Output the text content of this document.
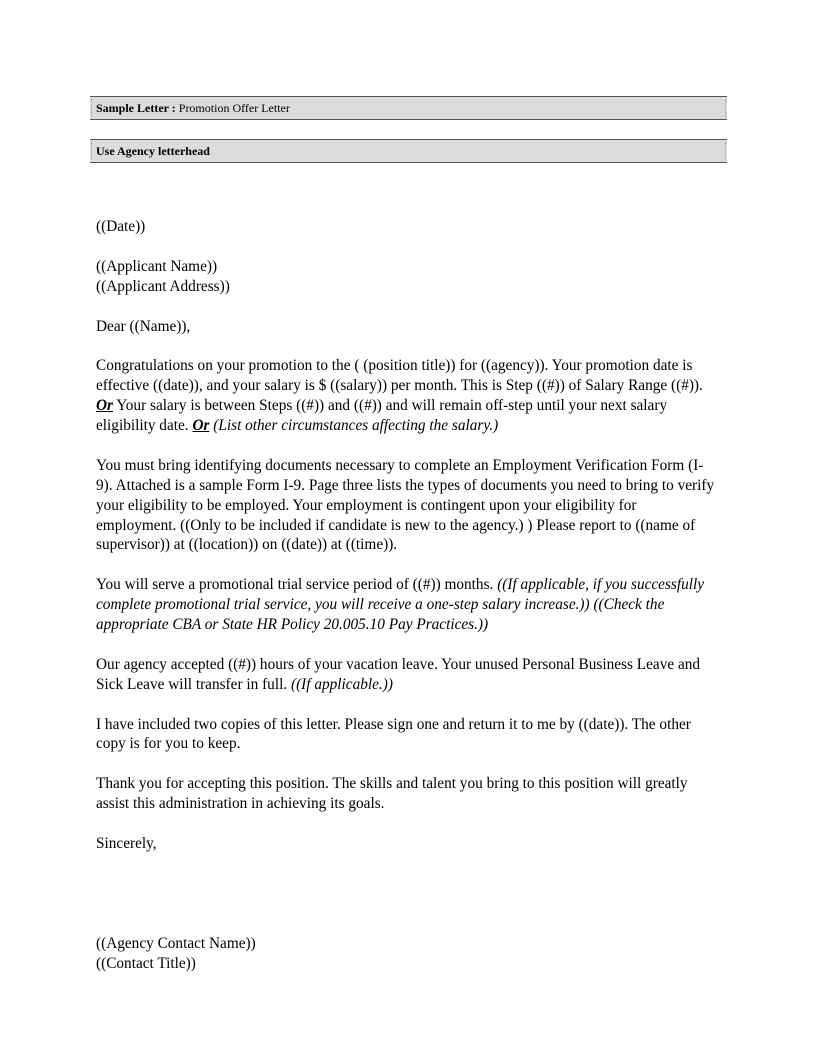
Sample Letter : Promotion Offer Letter
Use Agency letterhead

((Date))

((Applicant Name))
((Applicant Address))

Dear ((Name)),

Congratulations on your promotion to the ( (position title)) for ((agency)). Your promotion date is effective ((date)), and your salary is $ ((salary)) per month. This is Step ((#)) of Salary Range ((#)). Or Your salary is between Steps ((#)) and ((#)) and will remain off-step until your next salary eligibility date. Or (List other circumstances affecting the salary.)

You must bring identifying documents necessary to complete an Employment Verification Form (I-9). Attached is a sample Form I-9. Page three lists the types of documents you need to bring to verify your eligibility to be employed. Your employment is contingent upon your eligibility for employment. ((Only to be included if candidate is new to the agency.) ) Please report to ((name of supervisor)) at ((location)) on ((date)) at ((time)).

You will serve a promotional trial service period of ((#)) months. ((If applicable, if you successfully complete promotional trial service, you will receive a one-step salary increase.)) ((Check the appropriate CBA or State HR Policy 20.005.10 Pay Practices.))

Our agency accepted ((#)) hours of your vacation leave. Your unused Personal Business Leave and Sick Leave will transfer in full. ((If applicable.))

I have included two copies of this letter. Please sign one and return it to me by ((date)). The other copy is for you to keep.

Thank you for accepting this position. The skills and talent you bring to this position will greatly assist this administration in achieving its goals.

Sincerely,

((Agency Contact Name))
((Contact Title))
